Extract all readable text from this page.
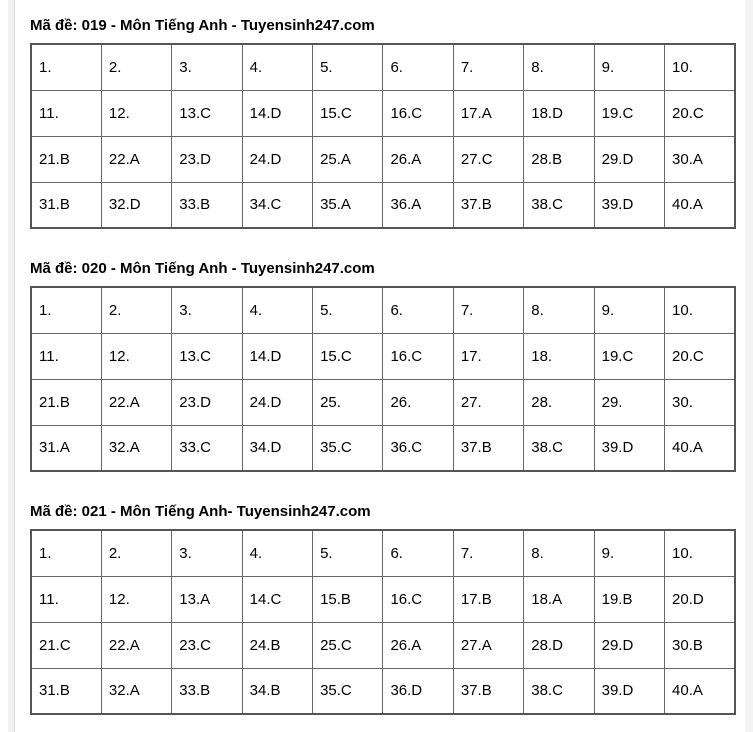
Mã đề: 019 - Môn Tiếng Anh - Tuyensinh247.com
1.	2.	3.	4.	5.	6.	7.	8.	9.	10.
11.	12.	13.C	14.D	15.C	16.C	17.A	18.D	19.C	20.C
21.B	22.A	23.D	24.D	25.A	26.A	27.C	28.B	29.D	30.A
31.B	32.D	33.B	34.C	35.A	36.A	37.B	38.C	39.D	40.A
Mã đề: 020 - Môn Tiếng Anh - Tuyensinh247.com
1.	2.	3.	4.	5.	6.	7.	8.	9.	10.
11.	12.	13.C	14.D	15.C	16.C	17.	18.	19.C	20.C
21.B	22.A	23.D	24.D	25.	26.	27.	28.	29.	30.
31.A	32.A	33.C	34.D	35.C	36.C	37.B	38.C	39.D	40.A
Mã đề: 021 - Môn Tiếng Anh- Tuyensinh247.com
1.	2.	3.	4.	5.	6.	7.	8.	9.	10.
11.	12.	13.A	14.C	15.B	16.C	17.B	18.A	19.B	20.D
21.C	22.A	23.C	24.B	25.C	26.A	27.A	28.D	29.D	30.B
31.B	32.A	33.B	34.B	35.C	36.D	37.B	38.C	39.D	40.A
